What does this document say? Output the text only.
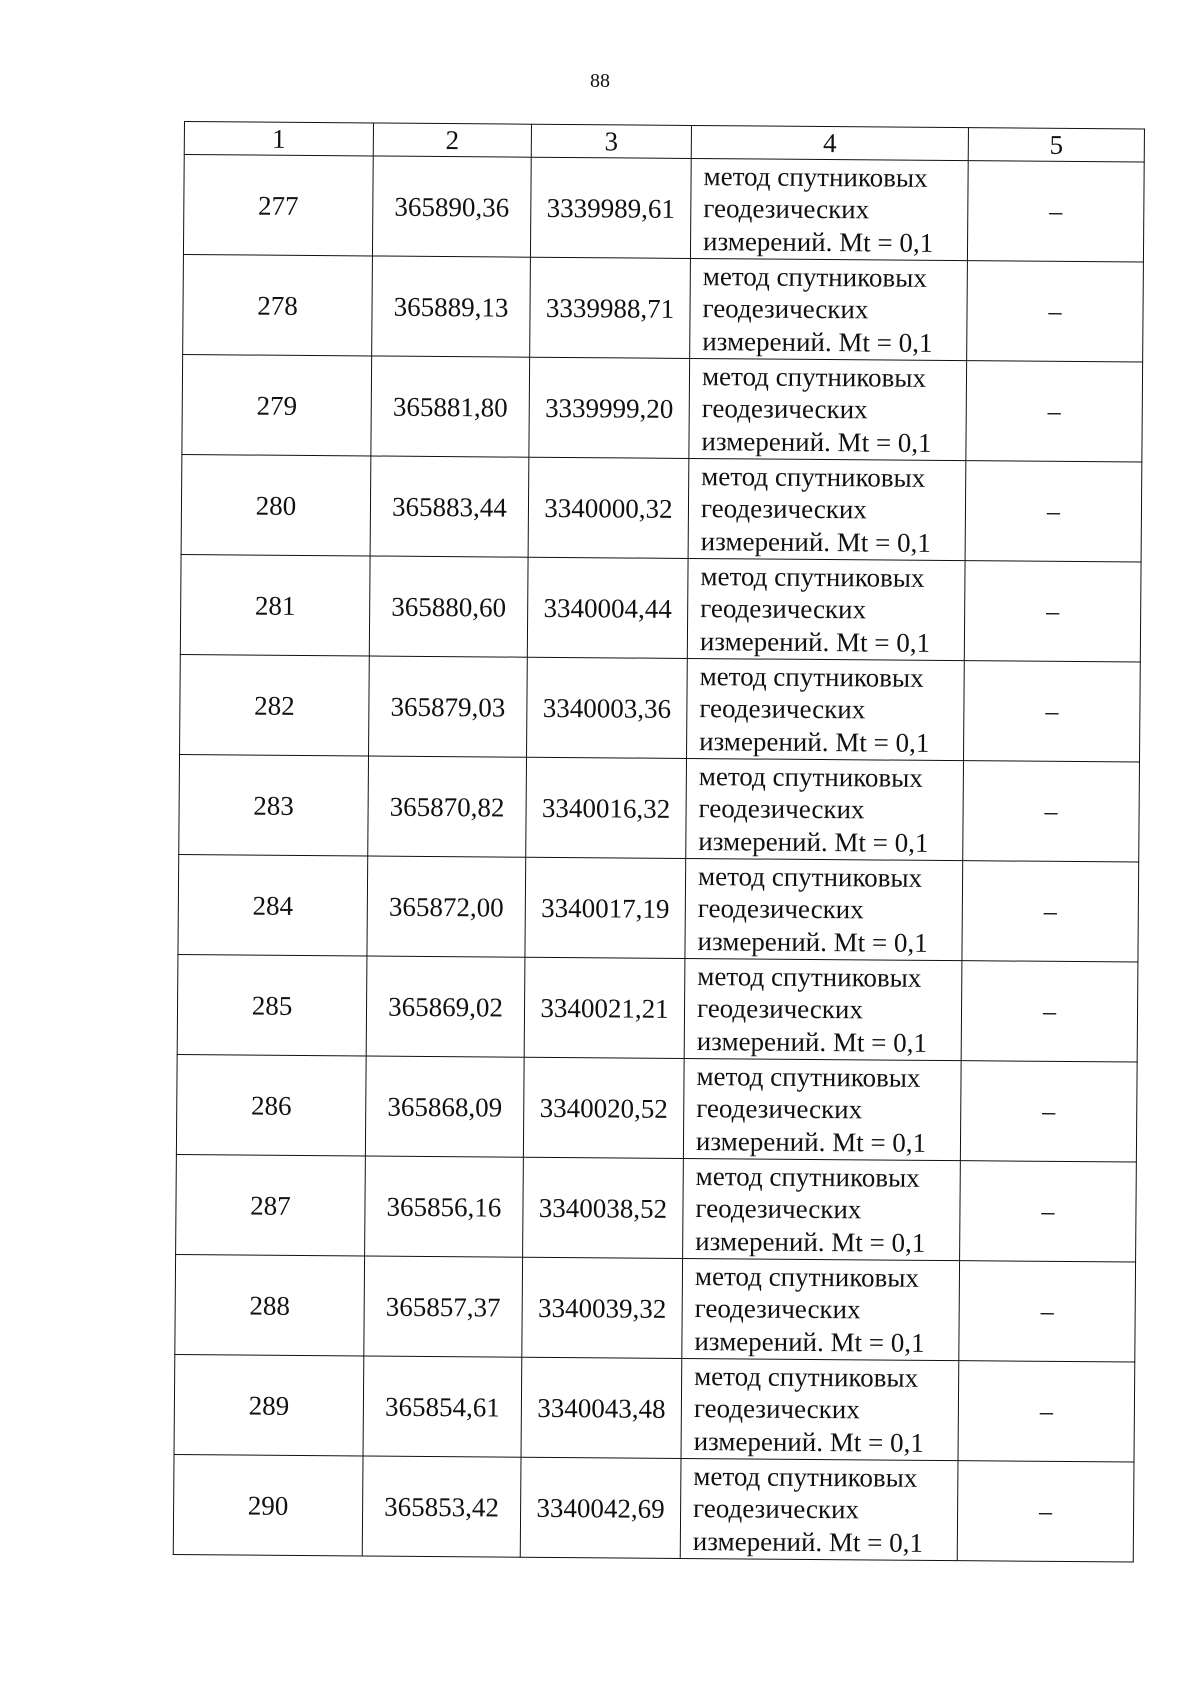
88
1	2	3	4	5
277	365890,36	3339989,61	метод спутниковых
геодезических
измерений. Mt = 0,1	–
278	365889,13	3339988,71	метод спутниковых
геодезических
измерений. Mt = 0,1	–
279	365881,80	3339999,20	метод спутниковых
геодезических
измерений. Mt = 0,1	–
280	365883,44	3340000,32	метод спутниковых
геодезических
измерений. Mt = 0,1	–
281	365880,60	3340004,44	метод спутниковых
геодезических
измерений. Mt = 0,1	–
282	365879,03	3340003,36	метод спутниковых
геодезических
измерений. Mt = 0,1	–
283	365870,82	3340016,32	метод спутниковых
геодезических
измерений. Mt = 0,1	–
284	365872,00	3340017,19	метод спутниковых
геодезических
измерений. Mt = 0,1	–
285	365869,02	3340021,21	метод спутниковых
геодезических
измерений. Mt = 0,1	–
286	365868,09	3340020,52	метод спутниковых
геодезических
измерений. Mt = 0,1	–
287	365856,16	3340038,52	метод спутниковых
геодезических
измерений. Mt = 0,1	–
288	365857,37	3340039,32	метод спутниковых
геодезических
измерений. Mt = 0,1	–
289	365854,61	3340043,48	метод спутниковых
геодезических
измерений. Mt = 0,1	–
290	365853,42	3340042,69	метод спутниковых
геодезических
измерений. Mt = 0,1	–
